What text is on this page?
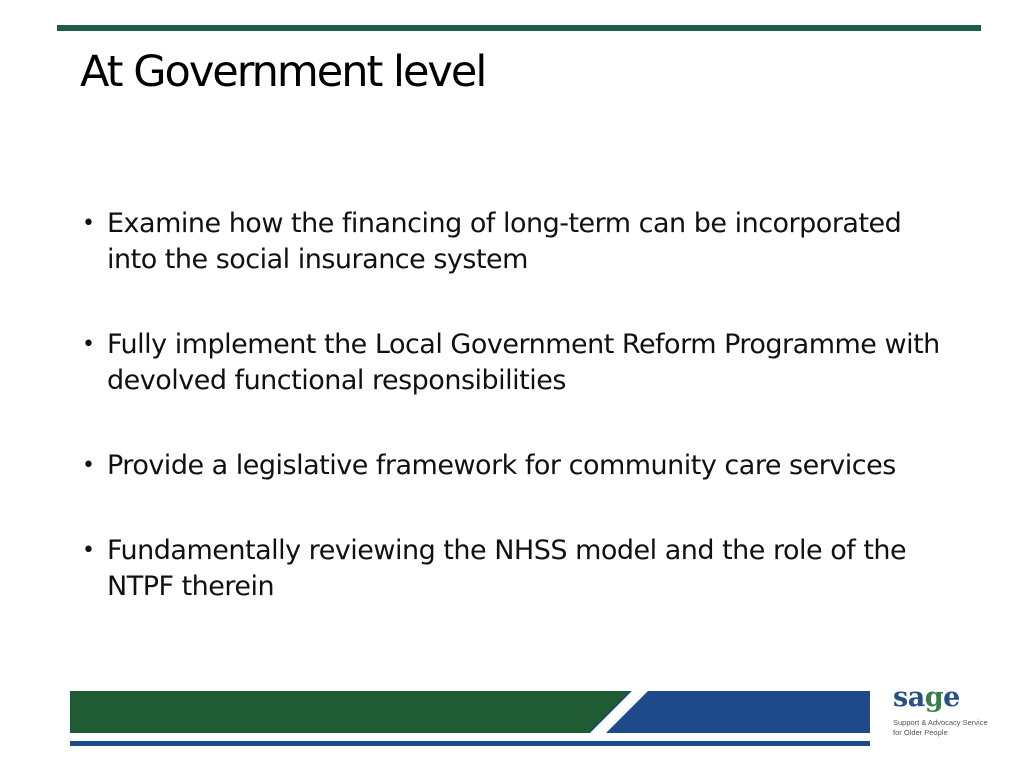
At Government level
• Examine how the financing of long-term can be incorporated into the social insurance system
• Fully implement the Local Government Reform Programme with devolved functional responsibilities
• Provide a legislative framework for community care services
• Fundamentally reviewing the NHSS model and the role of the NTPF therein
sage
Support & Advocacy Service
for Older People
